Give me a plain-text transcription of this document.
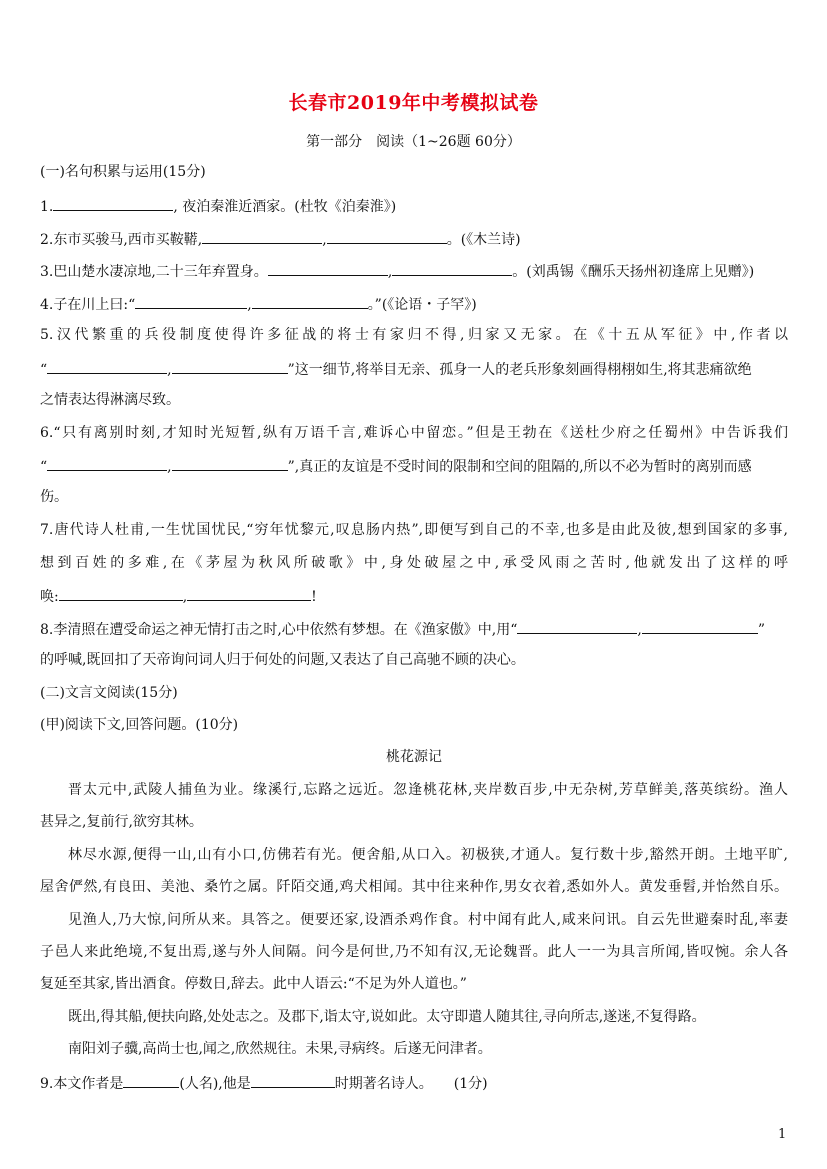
长春市2019年中考模拟试卷
第一部分　阅读（1~26题 60分）
(一)名句积累与运用(15分)
1.	, 夜泊秦淮近酒家。(杜牧《泊秦淮》)
2.东市买骏马,西市买鞍鞯,	,	。(《木兰诗)
3.巴山楚水凄凉地,二十三年弃置身。	,	。(刘禹锡《酬乐天扬州初逢席上见赠》)
4.子在川上曰:“	,	。”(《论语・子罕》)
5.汉代繁重的兵役制度使得许多征战的将士有家归不得,归家又无家。在《十五从军征》中,作者以
“	,	”这一细节,将举目无亲、孤身一人的老兵形象刻画得栩栩如生,将其悲痛欲绝
之情表达得淋漓尽致。
6.“只有离别时刻,才知时光短暂,纵有万语千言,难诉心中留恋。”但是王勃在《送杜少府之任蜀州》中告诉我们
“	,	”,真正的友谊是不受时间的限制和空间的阻隔的,所以不必为暂时的离别而感
伤。
7.唐代诗人杜甫,一生忧国忧民,“穷年忧黎元,叹息肠内热”,即便写到自己的不幸,也多是由此及彼,想到国家的多事,
想到百姓的多难,在《茅屋为秋风所破歌》中,身处破屋之中,承受风雨之苦时,他就发出了这样的呼
唤:	,	!
8.李清照在遭受命运之神无情打击之时,心中依然有梦想。在《渔家傲》中,用“	,	”
的呼喊,既回扣了天帝询问词人归于何处的问题,又表达了自己高驰不顾的决心。
(二)文言文阅读(15分)
(甲)阅读下文,回答问题。(10分)
桃花源记
晋太元中,武陵人捕鱼为业。缘溪行,忘路之远近。忽逢桃花林,夹岸数百步,中无杂树,芳草鲜美,落英缤纷。渔人
甚异之,复前行,欲穷其林。
林尽水源,便得一山,山有小口,仿佛若有光。便舍船,从口入。初极狭,才通人。复行数十步,豁然开朗。土地平旷,
屋舍俨然,有良田、美池、桑竹之属。阡陌交通,鸡犬相闻。其中往来种作,男女衣着,悉如外人。黄发垂髫,并怡然自乐。
见渔人,乃大惊,问所从来。具答之。便要还家,设酒杀鸡作食。村中闻有此人,咸来问讯。自云先世避秦时乱,率妻
子邑人来此绝境,不复出焉,遂与外人间隔。问今是何世,乃不知有汉,无论魏晋。此人一一为具言所闻,皆叹惋。余人各
复延至其家,皆出酒食。停数日,辞去。此中人语云:“不足为外人道也。”
既出,得其船,便扶向路,处处志之。及郡下,诣太守,说如此。太守即遣人随其往,寻向所志,遂迷,不复得路。
南阳刘子骥,高尚士也,闻之,欣然规往。未果,寻病终。后遂无问津者。
9.本文作者是	(人名),他是	时期著名诗人。　　(1分)
1
